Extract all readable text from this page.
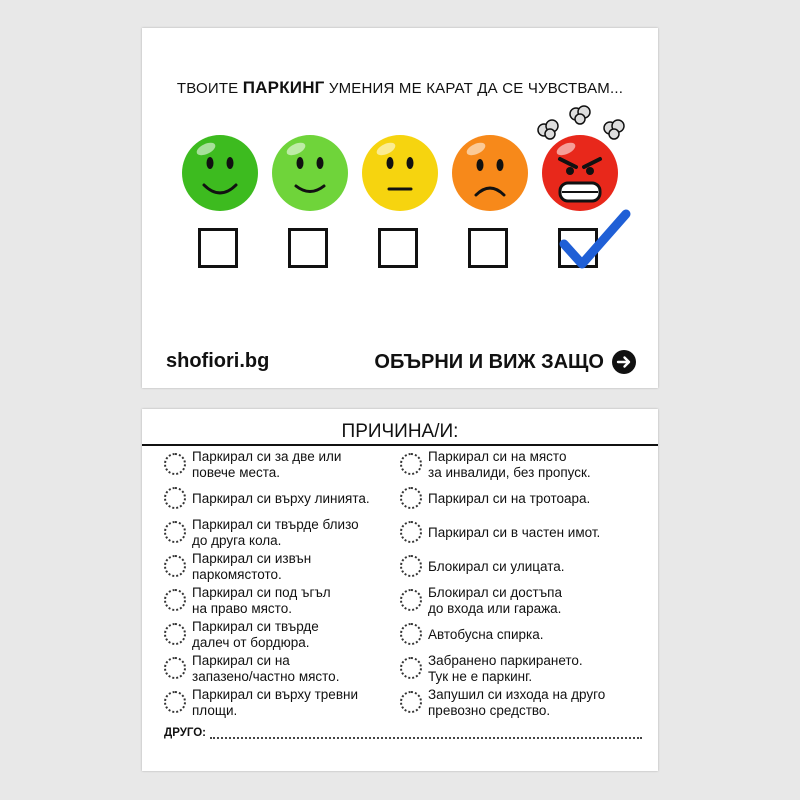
ТВОИТЕ ПАРКИНГ УМЕНИЯ МЕ КАРАТ ДА СЕ ЧУВСТВАМ...
shofiori.bg	ОБЪРНИ И ВИЖ ЗАЩО
ПРИЧИНА/И:
Паркирал си за две или
повече места.
Паркирал си върху линията.
Паркирал си твърде близо
до друга кола.
Паркирал си извън
паркомястото.
Паркирал си под ъгъл
на право място.
Паркирал си твърде
далеч от бордюра.
Паркирал си на
запазено/частно място.
Паркирал си върху тревни
площи.
Паркирал си на място
за инвалиди, без пропуск.
Паркирал си на тротоара.
Паркирал си в частен имот.
Блокирал си улицата.
Блокирал си достъпа
до входа или гаража.
Автобусна спирка.
Забранено паркирането.
Тук не е паркинг.
Запушил си изхода на друго
превозно средство.
ДРУГО:
